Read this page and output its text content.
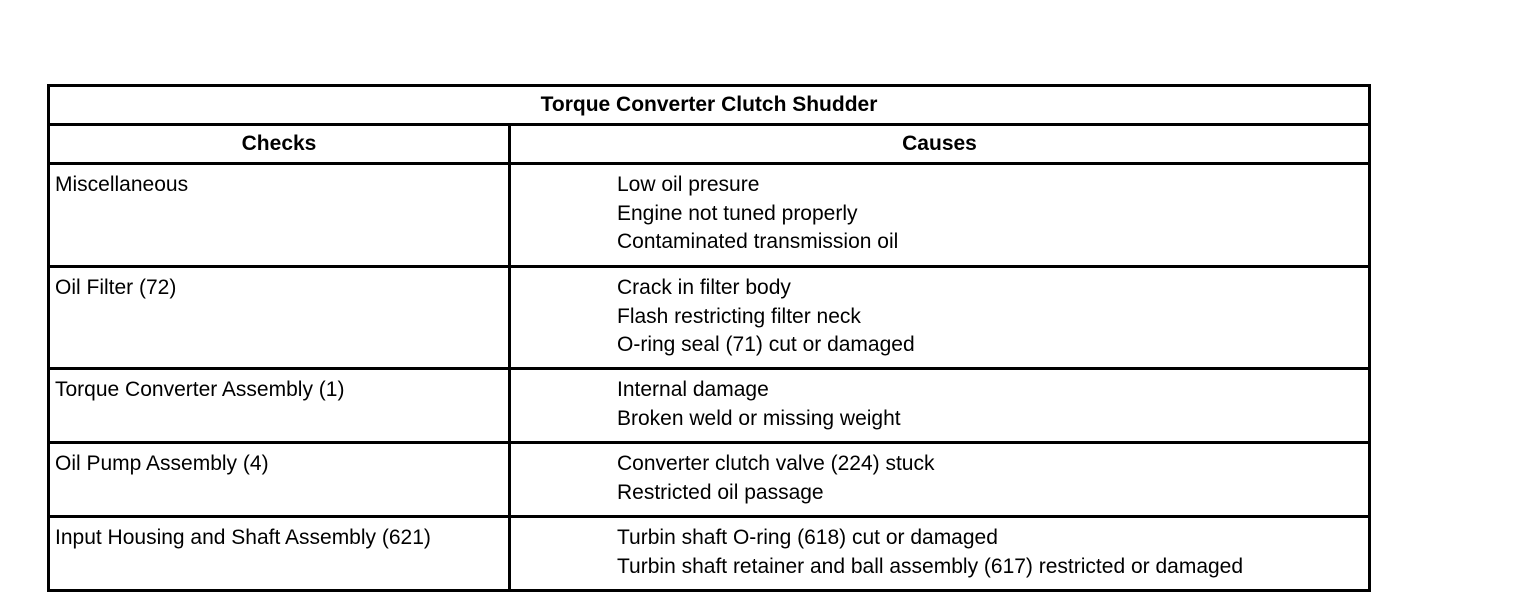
Torque Converter Clutch Shudder	
Checks	Causes
Miscellaneous	Low oil presure
Engine not tuned properly
Contaminated transmission oil

Oil Filter (72)	Crack in filter body
Flash restricting filter neck
O-ring seal (71) cut or damaged

Torque Converter Assembly (1)	Internal damage
Broken weld or missing weight

Oil Pump Assembly (4)	Converter clutch valve (224) stuck
Restricted oil passage

Input Housing and Shaft Assembly (621)	Turbin shaft O-ring (618) cut or damaged
Turbin shaft retainer and ball assembly (617) restricted or damaged
